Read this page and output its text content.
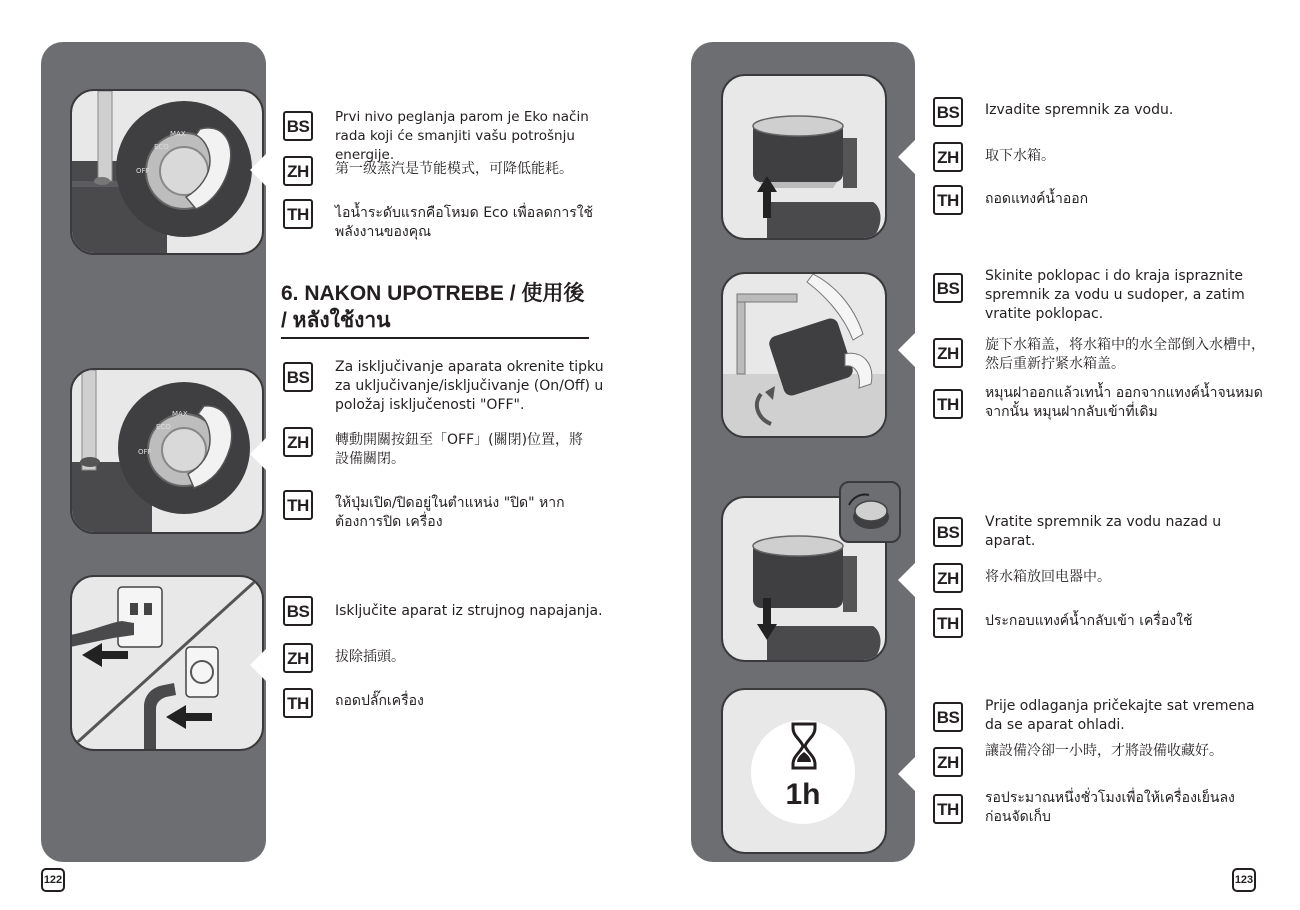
MAX
ECO
OFF
MAX
ECO
OFF
BS Prvi nivo peglanja parom je Eko način rada koji će smanjiti vašu potrošnju energije.
ZH 第一级蒸汽是节能模式，可降低能耗。
TH ไอน้ำระดับแรกคือโหมด Eco เพื่อลดการใช้พลังงานของคุณ
6. NAKON UPOTREBE / 使用後 / หลังใช้งาน
BS
Za isključivanje aparata okrenite tipku za uključivanje/isključivanje (On/Off) u položaj isključenosti "OFF".
ZH 轉動開關按鈕至「OFF」(關閉)位置，將設備關閉。
TH ให้ปุ่มเปิด/ปิดอยู่ในตำแหน่ง "ปิด" หากต้องการปิด เครื่อง
BS Isključite aparat iz strujnog napajanja.
ZH 拔除插頭。
TH ถอดปลั๊กเครื่อง
122
1h
BS Izvadite spremnik za vodu.
ZH 取下水箱。
TH ถอดแทงค์น้ำออก
BS
Skinite poklopac i do kraja ispraznite spremnik za vodu u sudoper, a zatim vratite poklopac.
ZH 旋下水箱盖，将水箱中的水全部倒入水槽中，然后重新拧紧水箱盖。
TH
หมุนฝาออกแล้วเทน้ำ ออกจากแทงค์น้ำจนหมด จากนั้น หมุนฝากลับเข้าที่เดิม
BS
Vratite spremnik za vodu nazad u aparat.
ZH 将水箱放回电器中。
TH ประกอบแทงค์น้ำกลับเข้า เครื่องใช้
BS
Prije odlaganja pričekajte sat vremena da se aparat ohladi.
ZH
讓設備冷卻一小時，才將設備收藏好。
TH
รอประมาณหนึ่งชั่วโมงเพื่อให้เครื่องเย็นลง ก่อนจัดเก็บ
123
